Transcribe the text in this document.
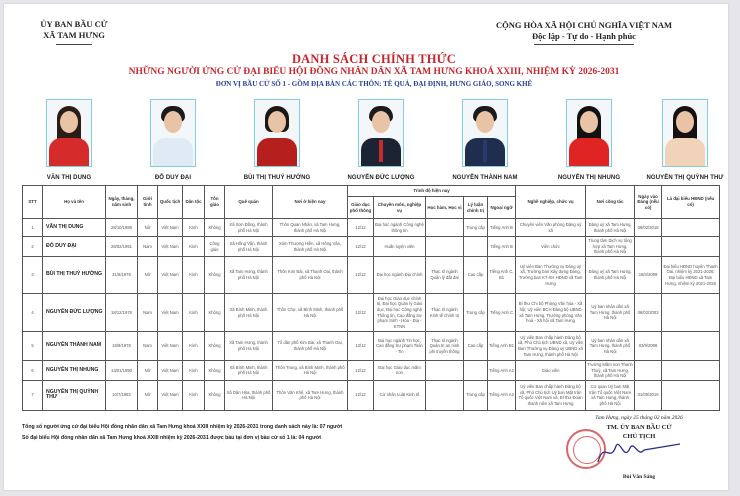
ỦY BAN BẦU CỬ
XÃ TAM HƯNG
CỘNG HÒA XÃ HỘI CHỦ NGHĨA VIỆT NAM
Độc lập - Tự do - Hạnh phúc
DANH SÁCH CHÍNH THỨC
NHỮNG NGƯỜI ỨNG CỬ ĐẠI BIỂU HỘI ĐỒNG NHÂN DÂN XÃ TAM HƯNG KHOÁ XXIII, NHIỆM KỲ 2026-2031
ĐƠN VỊ BẦU CỬ SỐ 1 - GỒM ĐỊA BÀN CÁC THÔN: TÊ QUẢ, ĐẠI ĐỊNH, HƯNG GIÁO, SONG KHÊ
VĂN THỊ DUNG	ĐỖ DUY ĐẠI	BÙI THỊ THUÝ HƯỜNG	NGUYỄN ĐỨC LƯỢNG	NGUYỄN THÀNH NAM	NGUYỄN THỊ NHUNG	NGUYỄN THỊ QUỲNH THƯ
STT	Họ và tên	Ngày, tháng, năm sinh	Giới tính	Quốc tịch	Dân tộc	Tôn giáo	Quê quán	Nơi ở hiện nay	Trình độ hiện nay					Nghề nghiệp, chức vụ	Nơi công tác	Ngày vào Đảng (nếu có)	Là đại biểu HĐND (nếu có)
									Giáo dục phổ thông	Chuyên môn, nghiệp vụ	Học hàm, Học vị	Lý luận chính trị	Ngoại ngữ				
1	VĂN THỊ DUNG	28/10/1988	Nữ	Việt Nam	Kinh	Không	Xã Sơn Đồng, thành phố Hà Nội	Thôn Quan Nhân, xã Tam Hưng, thành phố Hà Nội	12/12	Đại học ngành Công nghệ thông tin		Trung cấp	Tiếng Anh B	Chuyên viên Văn phòng Đảng uỷ xã	Đảng uỷ xã Tam Hưng, thành phố Hà Nội	06/02/2018	
2	ĐỖ DUY ĐẠI	28/02/1991	Nam	Việt Nam	Kinh	Công giáo	Xã Hồng Vân, thành phố Hà Nội	Xóm Thượng Hiền, xã Hồng Vân, thành phố Hà Nội	12/12	Huấn luyện viên			Tiếng Anh B	Viên chức	Trung tâm Dịch vụ tổng hợp xã Tam Hưng, thành phố Hà Nội		
3	BÙI THỊ THUÝ HƯỜNG	31/8/1979	Nữ	Việt Nam	Kinh	Không	Xã Tam Hưng, thành phố Hà Nội	Thôn Kim Bài, xã Thanh Oai, thành phố Hà Nội	12/12	Đại học ngành Địa chính	Thạc sĩ ngành Quản lý đất đai	Cao cấp	Tiếng Anh C, B1	Uỷ viên Ban Thường vụ Đảng uỷ xã, Trưởng ban Xây dựng Đảng, Trưởng ban KT-XH HĐND xã Tam Hưng	Đảng uỷ xã Tam Hưng, thành phố Hà Nội	18/4/2009	Đại biểu HĐND huyện Thanh Oai, nhiệm kỳ 2021-2026; Đại biểu HĐND xã Tam Hưng, nhiệm kỳ 2021-2026
4	NGUYỄN ĐỨC LƯỢNG	18/12/1976	Nam	Việt Nam	Kinh	Không	Xã Bình Minh, thành phố Hà Nội	Thôn Chợ, xã Bình Minh, thành phố Hà Nội	12/12	Đại học Giáo dục chính trị, Đại học Quản lý Giáo dục, Đại học Công nghệ Thông tin, Cao đẳng Sư phạm Sinh - Hóa - Địa - KTNN	Thạc sĩ ngành Kinh tế chính trị	Trung cấp	Tiếng Anh C	Bí thư Chi bộ Phòng Văn hóa - Xã hội; Uỷ viên BCH Đảng bộ UBND xã Tam Hưng, Trưởng phòng Văn hoá - Xã hội xã Tam Hưng	Uỷ ban nhân dân xã Tam Hưng, thành phố Hà Nội	06/02/2003	
5	NGUYỄN THÀNH NAM	16/9/1978	Nam	Việt Nam	Kinh	Không	Xã Tam Hưng, thành phố Hà Nội	Tổ dân phố Kim Bài, xã Thanh Oai, thành phố Hà Nội	12/12	Đại học ngành Tin học, Cao đẳng Sư phạm Toán - Tin	Thạc sĩ ngành Quản trị an ninh phi truyền thống	Cao cấp	Tiếng Anh B1	Uỷ viên Ban chấp hành Đảng bộ xã, Phó Chủ tịch UBND xã, Uỷ viên Ban Thường vụ Đảng uỷ UBND xã Tam Hưng, thành phố Hà Nội	Uỷ ban nhân dân xã Tam Hưng, thành phố Hà Nội	03/9/2008	
6	NGUYỄN THỊ NHUNG	13/01/1990	Nữ	Việt Nam	Kinh	Không	Xã Bình Minh, thành phố Hà Nội	Thôn Trung, xã Bình Minh, thành phố Hà Nội	12/12	Đại học Giáo dục mầm non			Tiếng Anh A2	Giáo viên	Trường Mầm non Thanh Thuỳ, xã Tam Hưng, thành phố Hà Nội		
7	NGUYỄN THỊ QUỲNH THƯ	10/7/1992	Nữ	Việt Nam	Kinh	Không	Xã Dân Hòa, thành phố Hà Nội	Thôn Văn Khê, xã Tam Hưng, thành phố Hà Nội	12/12	Cử nhân Luật Kinh tế		Trung cấp	Tiếng Anh A2	Uỷ viên Ban chấp hành Đảng bộ xã, Phó Chủ tịch Uỷ ban Mặt trận Tổ quốc Việt Nam xã, Bí thư Đoàn thanh niên xã Tam Hưng	Cơ quan Uỷ ban Mặt trận Tổ quốc Việt Nam xã Tam Hưng, thành phố Hà Nội	01/09/2016	
Tổng số người ứng cử đại biểu Hội đồng nhân dân xã Tam Hưng khoá XXIII nhiệm kỳ 2026-2031 trong danh sách này là: 07 người
Số đại biểu Hội đồng nhân dân xã Tam Hưng khoá XXIII nhiệm kỳ 2026-2031 được bầu tại đơn vị bầu cử số 1 là: 04 người
Tam Hưng, ngày 25 tháng 02 năm 2026
TM. ỦY BAN BẦU CỬ
CHỦ TỊCH
Bùi Văn Sáng
